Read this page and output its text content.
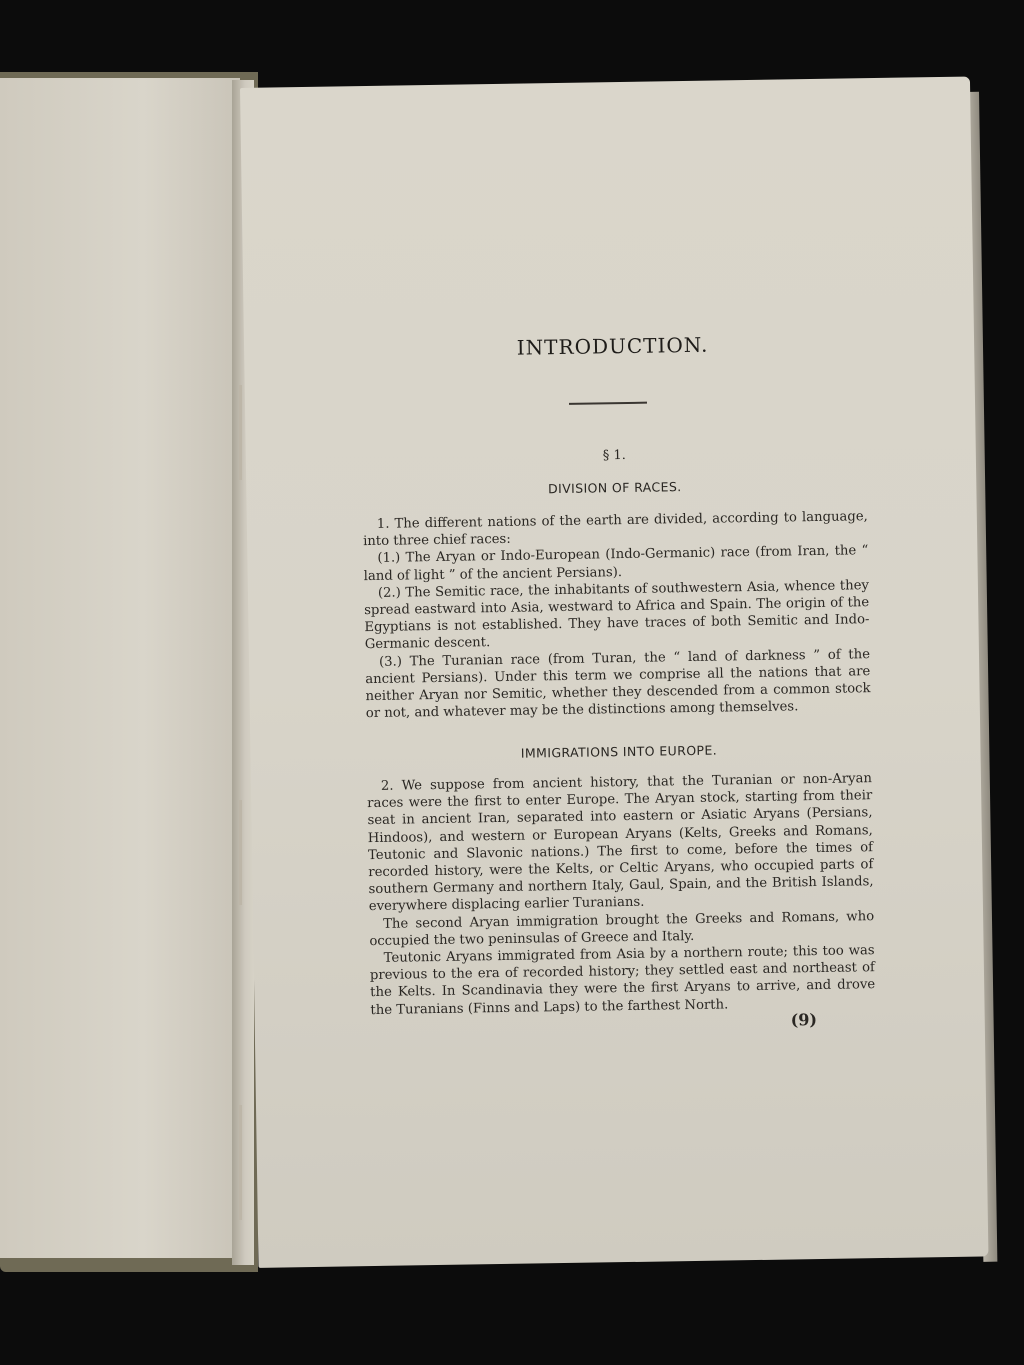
INTRODUCTION.
§ 1.
DIVISION OF RACES.

1. The different nations of the earth are divided, according to language, into three chief races:

(1.) The Aryan or Indo-European (Indo-Germanic) race (from Iran, the “ land of light ” of the ancient Persians).

(2.) The Semitic race, the inhabitants of southwestern Asia, whence they spread eastward into Asia, westward to Africa and Spain. The origin of the Egyptians is not established. They have traces of both Semitic and Indo-Germanic descent.

(3.) The Turanian race (from Turan, the “ land of darkness ” of the ancient Persians). Under this term we comprise all the nations that are neither Aryan nor Semitic, whether they descended from a common stock or not, and whatever may be the distinctions among themselves.

IMMIGRATIONS INTO EUROPE.

2. We suppose from ancient history, that the Turanian or non-Aryan races were the first to enter Europe. The Aryan stock, starting from their seat in ancient Iran, separated into eastern or Asiatic Aryans (Persians, Hindoos), and western or European Aryans (Kelts, Greeks and Romans, Teutonic and Slavonic nations.) The first to come, before the times of recorded history, were the Kelts, or Celtic Aryans, who occupied parts of southern Germany and northern Italy, Gaul, Spain, and the British Islands, everywhere displacing earlier Turanians.

The second Aryan immigration brought the Greeks and Romans, who occupied the two peninsulas of Greece and Italy.

Teutonic Aryans immigrated from Asia by a northern route; this too was previous to the era of recorded history; they settled east and northeast of the Kelts. In Scandinavia they were the first Aryans to arrive, and drove the Turanians (Finns and Laps) to the farthest North.

(9)
